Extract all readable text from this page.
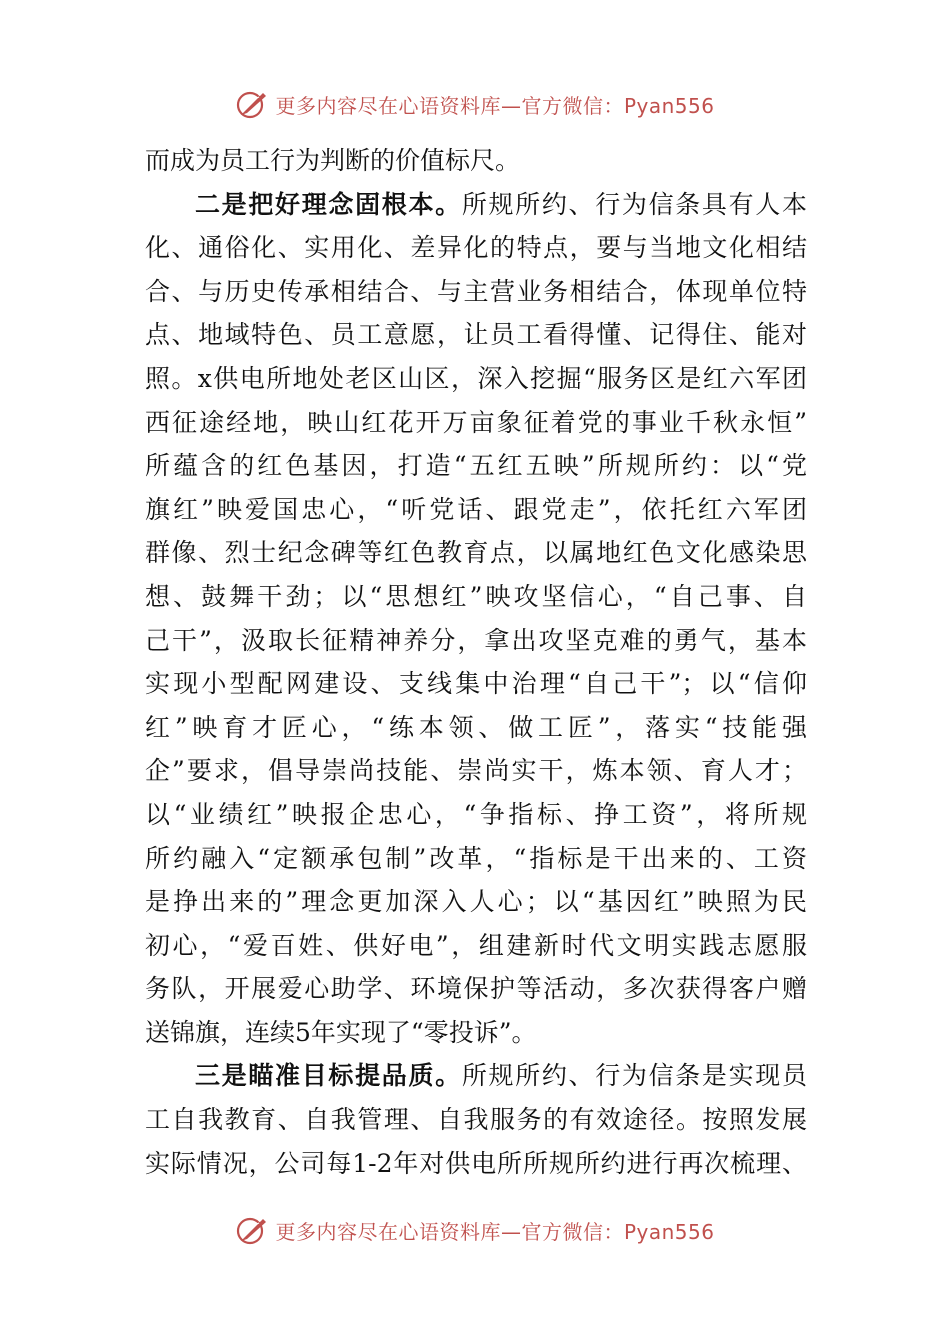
更多内容尽在心语资料库—官方微信：Pyan556
而成为员工行为判断的价值标尺。
二是把好理念固根本。所规所约、行为信条具有人本
化、通俗化、实用化、差异化的特点，要与当地文化相结
合、与历史传承相结合、与主营业务相结合，体现单位特
点、地域特色、员工意愿，让员工看得懂、记得住、能对
照。x供电所地处老区山区，深入挖掘“服务区是红六军团
西征途经地，映山红花开万亩象征着党的事业千秋永恒”
所蕴含的红色基因，打造“五红五映”所规所约：以“党
旗红”映爱国忠心，“听党话、跟党走”，依托红六军团
群像、烈士纪念碑等红色教育点，以属地红色文化感染思
想、鼓舞干劲；以“思想红”映攻坚信心，“自己事、自
己干”，汲取长征精神养分，拿出攻坚克难的勇气，基本
实现小型配网建设、支线集中治理“自己干”；以“信仰
红”映育才匠心，“练本领、做工匠”，落实“技能强
企”要求，倡导崇尚技能、崇尚实干，炼本领、育人才；
以“业绩红”映报企忠心，“争指标、挣工资”，将所规
所约融入“定额承包制”改革，“指标是干出来的、工资
是挣出来的”理念更加深入人心；以“基因红”映照为民
初心，“爱百姓、供好电”，组建新时代文明实践志愿服
务队，开展爱心助学、环境保护等活动，多次获得客户赠
送锦旗，连续5年实现了“零投诉”。
三是瞄准目标提品质。所规所约、行为信条是实现员
工自我教育、自我管理、自我服务的有效途径。按照发展
实际情况，公司每1-2年对供电所所规所约进行再次梳理、
更多内容尽在心语资料库—官方微信：Pyan556
